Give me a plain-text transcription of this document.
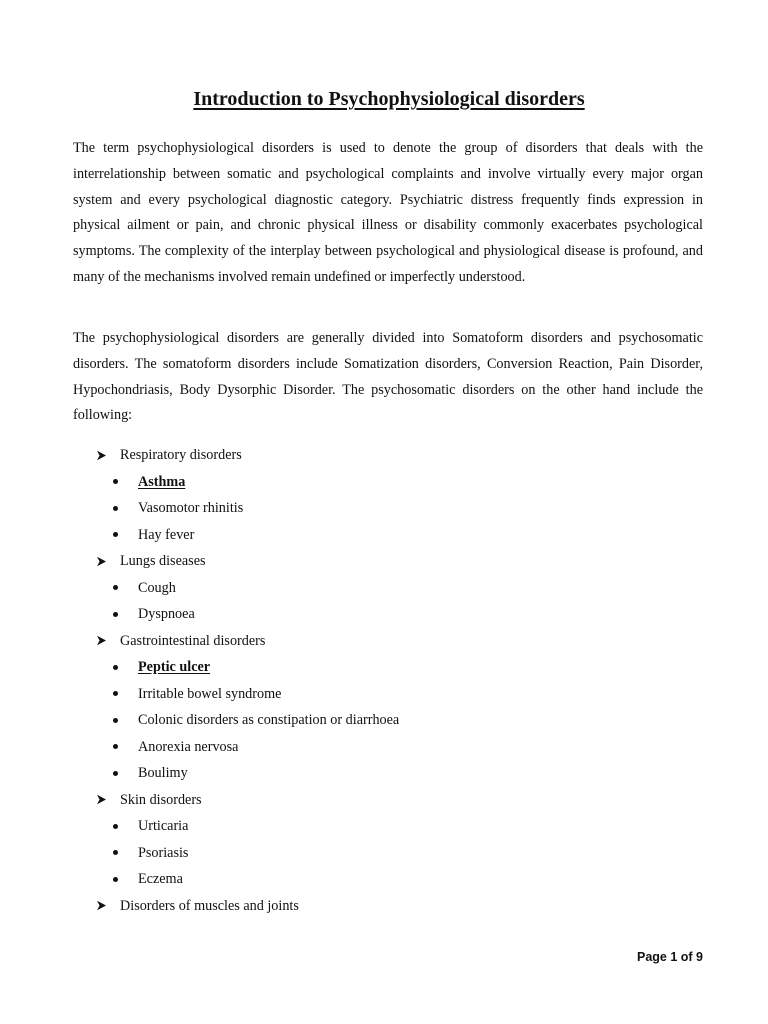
Introduction to Psychophysiological disorders

The term psychophysiological disorders is used to denote the group of disorders that deals with the interrelationship between somatic and psychological complaints and involve virtually every major organ system and every psychological diagnostic category. Psychiatric distress frequently finds expression in physical ailment or pain, and chronic physical illness or disability commonly exacerbates psychological symptoms. The complexity of the interplay between psychological and physiological disease is profound, and many of the mechanisms involved remain undefined or imperfectly understood.

The psychophysiological disorders are generally divided into Somatoform disorders and psychosomatic disorders. The somatoform disorders include Somatization disorders, Conversion Reaction, Pain Disorder, Hypochondriasis, Body Dysorphic Disorder. The psychosomatic disorders on the other hand include the following:

Respiratory disorders
Asthma
Vasomotor rhinitis
Hay fever
Lungs diseases
Cough
Dyspnoea
Gastrointestinal disorders
Peptic ulcer
Irritable bowel syndrome
Colonic disorders as constipation or diarrhoea
Anorexia nervosa
Boulimy
Skin disorders
Urticaria
Psoriasis
Eczema
Disorders of muscles and joints
Page 1 of 9
